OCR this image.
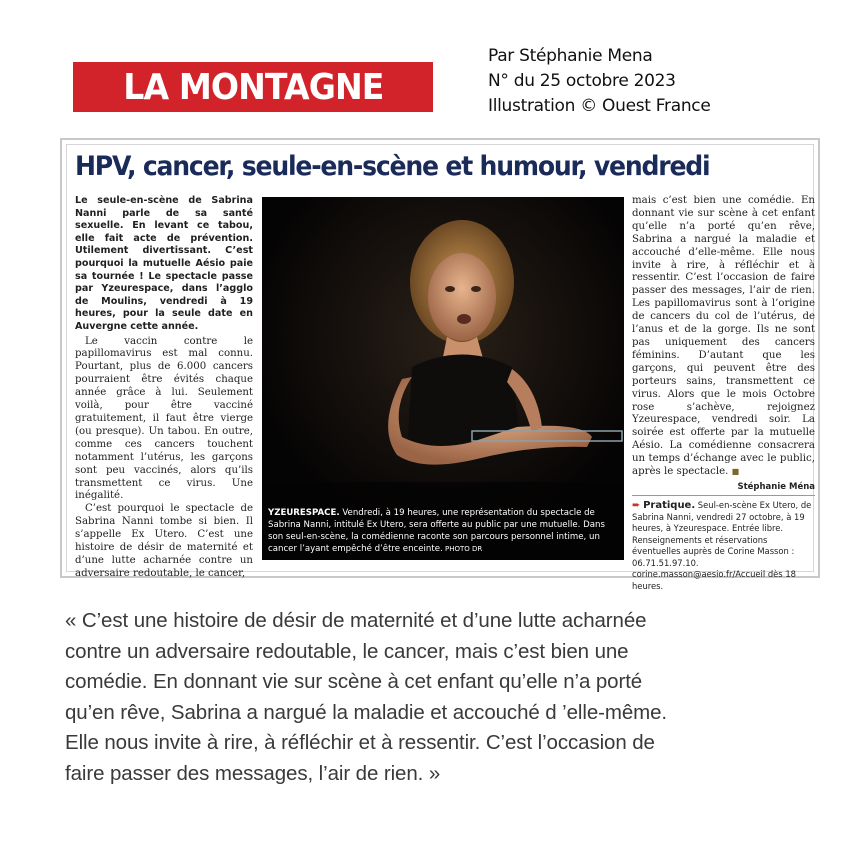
LA MONTAGNE
Par Stéphanie Mena
N° du 25 octobre 2023
Illustration © Ouest France
HPV, cancer, seule-en-scène et humour, vendredi
Le seule-en-scène de Sabrina Nanni parle de sa santé sexuelle. En levant ce tabou, elle fait acte de prévention. Utilement divertissant. C’est pourquoi la mutuelle Aésio paie sa tournée ! Le spectacle passe par Yzeurespace, dans l’agglo de Moulins, vendredi à 19 heures, pour la seule date en Auvergne cette année.

Le vaccin contre le papillomavirus est mal connu. Pourtant, plus de 6.000 cancers pourraient être évités chaque année grâce à lui. Seulement voilà, pour être vacciné gratuitement, il faut être vierge (ou presque). Un tabou. En outre, comme ces cancers touchent notamment l’utérus, les garçons sont peu vaccinés, alors qu’ils transmettent ce virus. Une inégalité.

C’est pourquoi le spectacle de Sabrina Nanni tombe si bien. Il s’appelle Ex Utero. C’est une histoire de désir de maternité et d’une lutte acharnée contre un adversaire redoutable, le cancer,

YZEURESPACE. Vendredi, à 19 heures, une représentation du spectacle de Sabrina Nanni, intitulé Ex Utero, sera offerte au public par une mutuelle. Dans son seul-en-scène, la comédienne raconte son parcours personnel intime, un cancer l’ayant empêché d’être enceinte. PHOTO DR

mais c’est bien une comédie. En donnant vie sur scène à cet enfant qu’elle n’a porté qu’en rêve, Sabrina a nargué la maladie et accouché d’elle-même. Elle nous invite à rire, à réfléchir et à ressentir. C’est l’occasion de faire passer des messages, l’air de rien. Les papillomavirus sont à l’origine de cancers du col de l’utérus, de l’anus et de la gorge. Ils ne sont pas uniquement des cancers féminins. D’autant que les garçons, qui peuvent être des porteurs sains, transmettent ce virus. Alors que le mois Octobre rose s’achève, rejoignez Yzeurespace, vendredi soir. La soirée est offerte par la mutuelle Aésio. La comédienne consacrera un temps d’échange avec le public, après le spectacle. ■

Stéphanie Ména
➨ Pratique. Seul-en-scène Ex Utero, de Sabrina Nanni, vendredi 27 octobre, à 19 heures, à Yzeurespace. Entrée libre. Renseignements et réservations éventuelles auprès de Corine Masson : 06.71.51.97.10. corine.masson@aesio.fr/Accueil dès 18 heures.
« C’est une histoire de désir de maternité et d’une lutte acharnée
contre un adversaire redoutable, le cancer, mais c’est bien une
comédie. En donnant vie sur scène à cet enfant qu’elle n’a porté
qu’en rêve, Sabrina a nargué la maladie et accouché d ’elle-même.
Elle nous invite à rire, à réfléchir et à ressentir. C’est l’occasion de
faire passer des messages, l’air de rien. »
